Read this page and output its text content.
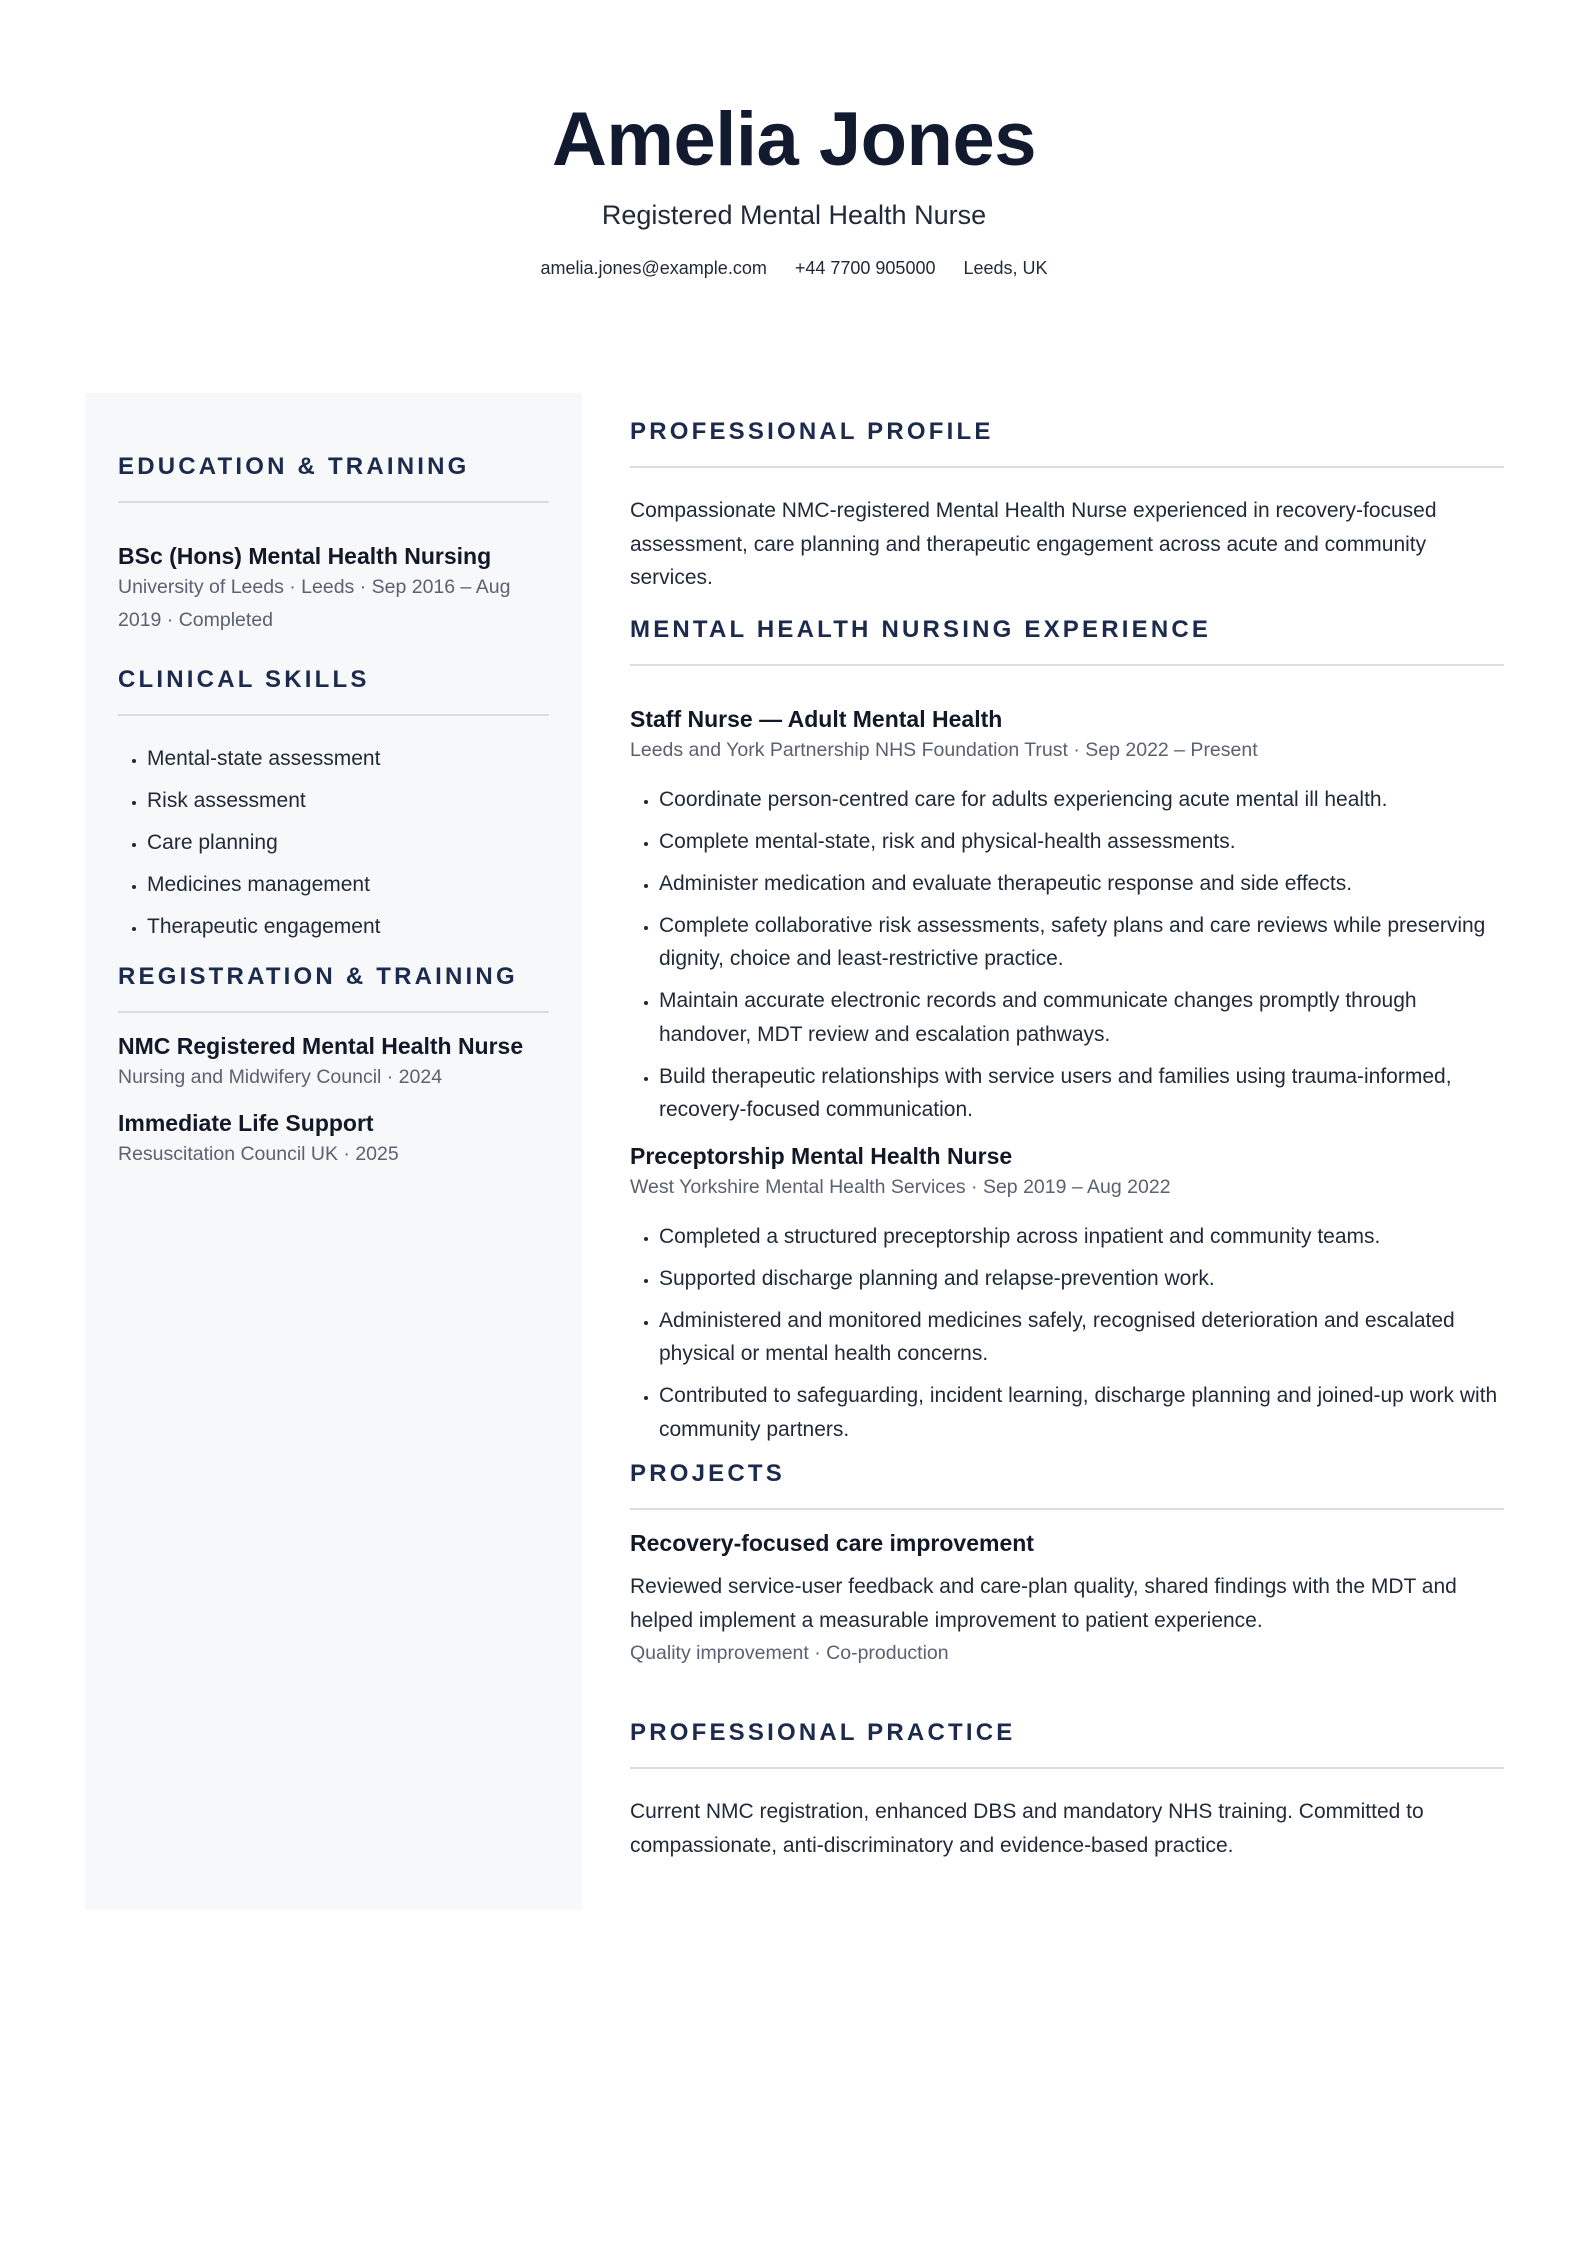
Amelia Jones
Registered Mental Health Nurse
amelia.jones@example.com +44 7700 905000 Leeds, UK
EDUCATION & TRAINING
BSc (Hons) Mental Health Nursing
University of Leeds · Leeds · Sep 2016 – Aug 2019 · Completed
CLINICAL SKILLS
• Mental-state assessment
• Risk assessment
• Care planning
• Medicines management
• Therapeutic engagement
REGISTRATION & TRAINING
NMC Registered Mental Health Nurse
Nursing and Midwifery Council · 2024
Immediate Life Support
Resuscitation Council UK · 2025
PROFESSIONAL PROFILE
Compassionate NMC-registered Mental Health Nurse experienced in recovery-focused assessment, care planning and therapeutic engagement across acute and community services.
MENTAL HEALTH NURSING EXPERIENCE
Staff Nurse — Adult Mental Health
Leeds and York Partnership NHS Foundation Trust · Sep 2022 – Present
• Coordinate person-centred care for adults experiencing acute mental ill health.
• Complete mental-state, risk and physical-health assessments.
• Administer medication and evaluate therapeutic response and side effects.
• Complete collaborative risk assessments, safety plans and care reviews while preserving dignity, choice and least-restrictive practice.
• Maintain accurate electronic records and communicate changes promptly through handover, MDT review and escalation pathways.
• Build therapeutic relationships with service users and families using trauma-informed, recovery-focused communication.
Preceptorship Mental Health Nurse
West Yorkshire Mental Health Services · Sep 2019 – Aug 2022
• Completed a structured preceptorship across inpatient and community teams.
• Supported discharge planning and relapse-prevention work.
• Administered and monitored medicines safely, recognised deterioration and escalated physical or mental health concerns.
• Contributed to safeguarding, incident learning, discharge planning and joined-up work with community partners.
PROJECTS
Recovery-focused care improvement
Reviewed service-user feedback and care-plan quality, shared findings with the MDT and helped implement a measurable improvement to patient experience.
Quality improvement · Co-production
PROFESSIONAL PRACTICE
Current NMC registration, enhanced DBS and mandatory NHS training. Committed to compassionate, anti-discriminatory and evidence-based practice.
